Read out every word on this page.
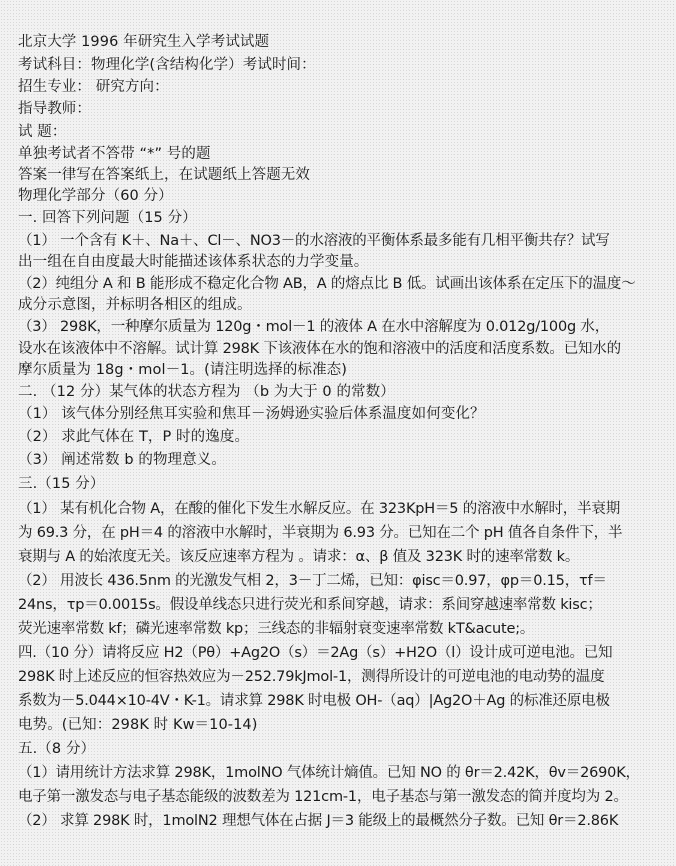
北京大学 1996 年研究生入学考试试题
考试科目：物理化学(含结构化学）考试时间：
招生专业： 研究方向：
指导教师：
试 题：
单独考试者不答带 “*” 号的题
答案一律写在答案纸上，在试题纸上答题无效
物理化学部分（60 分）
一. 回答下列问题（15 分）
（1） 一个含有 K＋、Na＋、Cl－、NO3－的水溶液的平衡体系最多能有几相平衡共存？试写
出一组在自由度最大时能描述该体系状态的力学变量。
（2）纯组分 A 和 B 能形成不稳定化合物 AB，A 的熔点比 B 低。试画出该体系在定压下的温度～
成分示意图，并标明各相区的组成。
（3） 298K，一种摩尔质量为 120g・mol－1 的液体 A 在水中溶解度为 0.012g/100g 水，
设水在该液体中不溶解。试计算 298K 下该液体在水的饱和溶液中的活度和活度系数。已知水的
摩尔质量为 18g・mol－1。(请注明选择的标准态)
二. （12 分）某气体的状态方程为 （b 为大于 0 的常数）
（1） 该气体分别经焦耳实验和焦耳－汤姆逊实验后体系温度如何变化？
（2） 求此气体在 T，P 时的逸度。
（3） 阐述常数 b 的物理意义。
三.（15 分）
（1） 某有机化合物 A，在酸的催化下发生水解反应。在 323KpH＝5 的溶液中水解时，半衰期
为 69.3 分，在 pH＝4 的溶液中水解时，半衰期为 6.93 分。已知在二个 pH 值各自条件下，半
衰期与 A 的始浓度无关。该反应速率方程为 。请求：α、β 值及 323K 时的速率常数 k。
（2） 用波长 436.5nm 的光激发气相 2，3－丁二烯，已知：φisc＝0.97，φp＝0.15，τf＝
24ns，τp＝0.0015s。假设单线态只进行荧光和系间穿越，请求：系间穿越速率常数 kisc；
荧光速率常数 kf；磷光速率常数 kp；三线态的非辐射衰变速率常数 kT&acute;。
四.（10 分）请将反应 H2（Pθ）+Ag2O（s）＝2Ag（s）+H2O（l）设计成可逆电池。已知
298K 时上述反应的恒容热效应为－252.79kJmol-1，测得所设计的可逆电池的电动势的温度
系数为－5.044×10-4V・K-1。请求算 298K 时电极 OH-（aq）|Ag2O＋Ag 的标准还原电极
电势。(已知：298K 时 Kw＝10-14)
五.（8 分）
（1）请用统计方法求算 298K，1molNO 气体统计熵值。已知 NO 的 θr＝2.42K，θv＝2690K，
电子第一激发态与电子基态能级的波数差为 121cm-1，电子基态与第一激发态的简并度均为 2。
（2） 求算 298K 时，1molN2 理想气体在占据 J＝3 能级上的最概然分子数。已知 θr＝2.86K
